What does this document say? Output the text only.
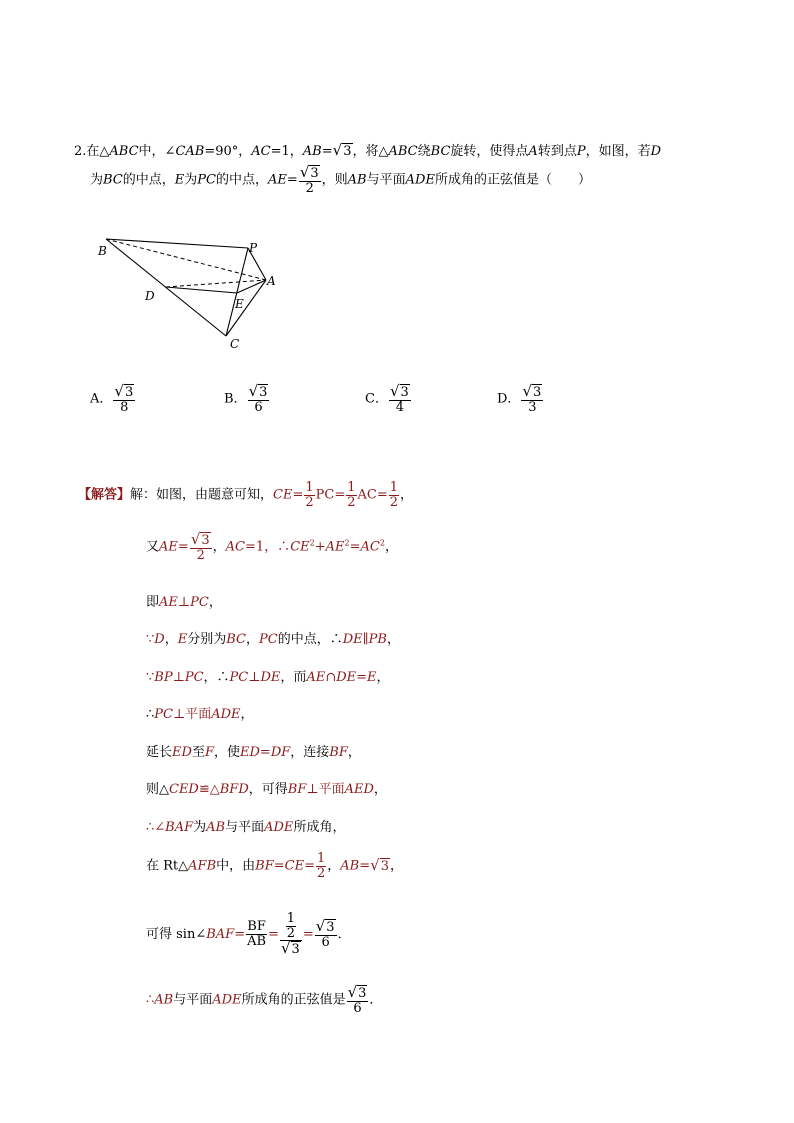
2.在△ABC中，∠CAB=90°，AC=1，AB=√3，将△ABC绕BC旋转，使得点A转到点P，如图，若D
为BC的中点，E为PC的中点，$AE= \frac{√3}{2}$ ，则AB与平面ADE所成角的正弦值是（　　）
B	P
A
D
E
C
A． $\frac{√3}{8}$	B． $\frac{√3}{6}$	C． $\frac{√3}{4}$	D． $\frac{√3}{3}$
【解答】解：如图，由题意可知，$CE= \frac{1}{2} PC= \frac{1}{2} AC= \frac{1}{2}$ ，
又$AE= \frac{√3}{2}$ ，AC=1，$\therefore CE^2+AE^2=AC^2$，
即AE⊥PC，
∵D，E分别为BC，PC的中点，∴DE∥PB，
∵BP⊥PC，∴PC⊥DE，而AE∩DE=E，
∴PC⊥平面ADE，
延长ED至F，使ED=DF，连接BF，
则△CED≌△BFD，可得BF⊥平面AED，
∴∠BAF为AB与平面ADE所成角，
在 Rt△AFB中，由$BF=CE= \frac{1}{2}$ ，AB=√3，
可得 sin∠BAF= $\frac{BF}{AB} = \frac{\frac{1}{2}}{√3} = \frac{√3}{6}$ ．
∴AB与平面ADE所成角的正弦值是 $\frac{√3}{6}$ ．
